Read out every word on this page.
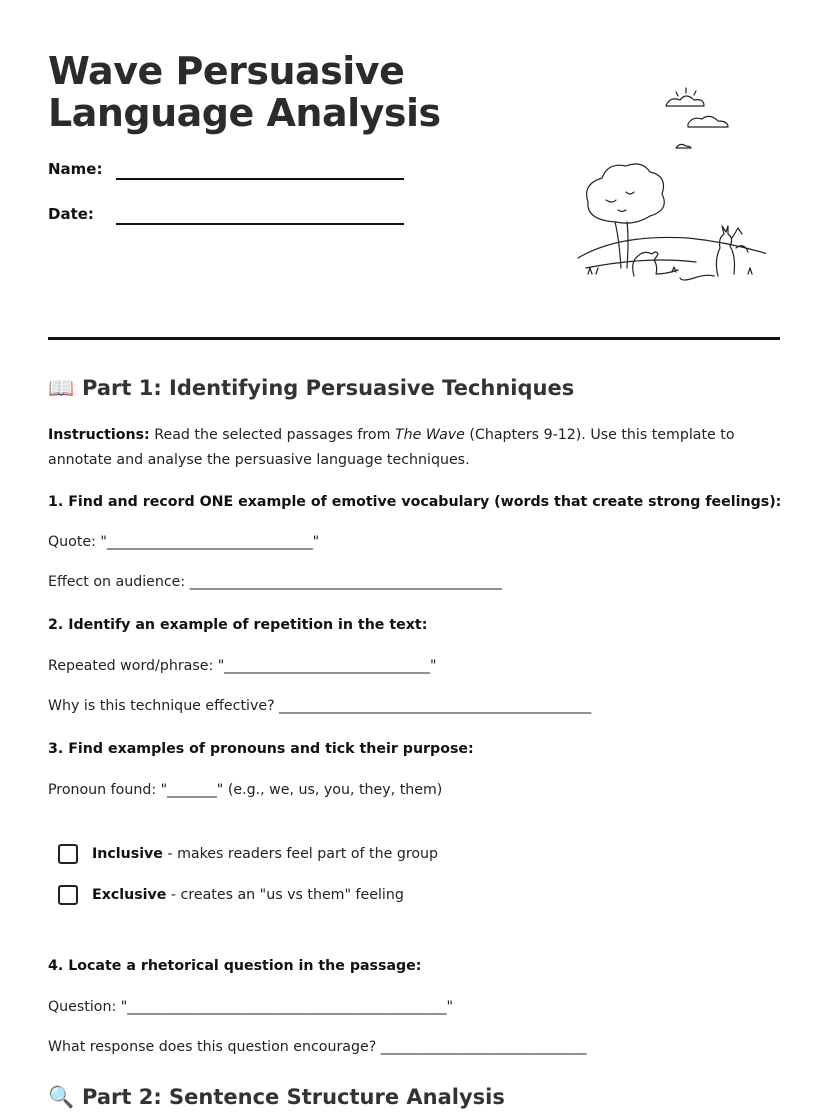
Wave Persuasive Language Analysis
Name:
Date:
📖 Part 1: Identifying Persuasive Techniques
Instructions: Read the selected passages from The Wave (Chapters 9-12). Use this template to annotate and analyse the persuasive language techniques.
1. Find and record ONE example of emotive vocabulary (words that create strong feelings):
Quote: "_____________________________"
Effect on audience: ____________________________________________
2. Identify an example of repetition in the text:
Repeated word/phrase: "_____________________________"
Why is this technique effective? ____________________________________________
3. Find examples of pronouns and tick their purpose:
Pronoun found: "_______" (e.g., we, us, you, they, them)
Inclusive - makes readers feel part of the group
Exclusive - creates an "us vs them" feeling
4. Locate a rhetorical question in the passage:
Question: "_____________________________________________"
What response does this question encourage? _____________________________
🔍 Part 2: Sentence Structure Analysis
